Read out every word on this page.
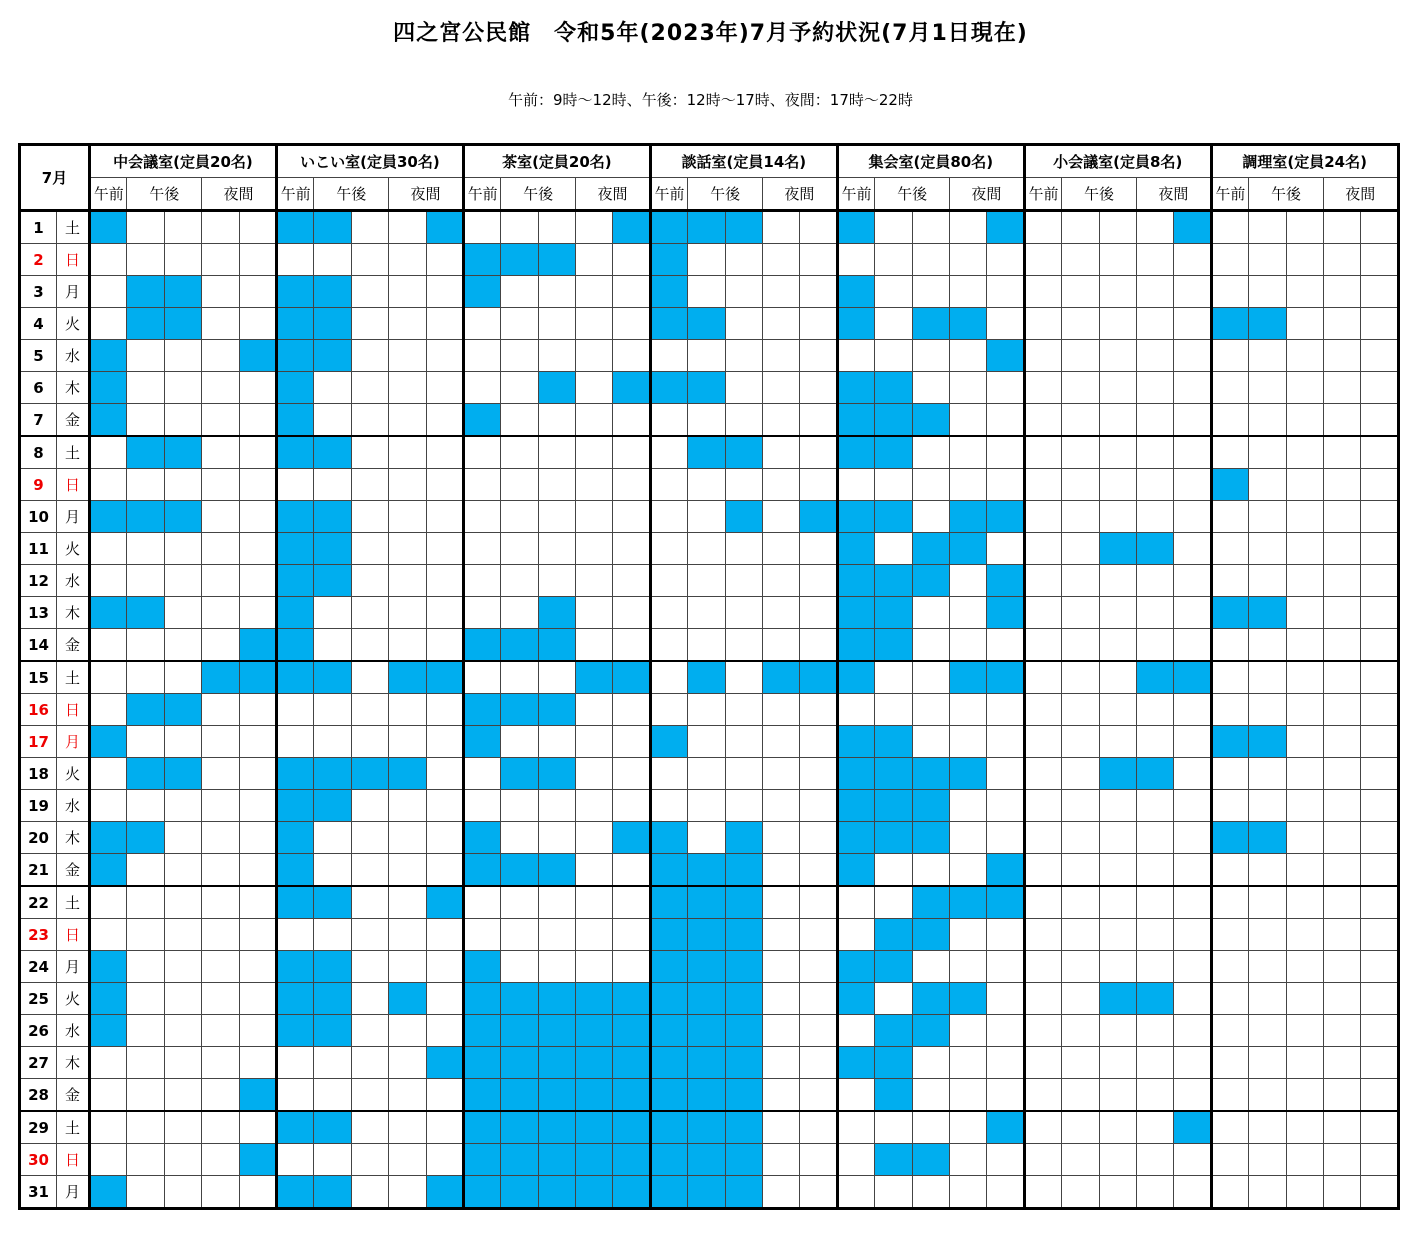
四之宮公民館　令和5年(2023年)7月予約状況(7月1日現在)
午前：9時～12時、午後：12時～17時、夜間：17時～22時
7月		中会議室(定員20名)					いこい室(定員30名)					茶室(定員20名)					談話室(定員14名)					集会室(定員80名)					小会議室(定員8名)					調理室(定員24名)				
		午前	午後		夜間		午前	午後		夜間		午前	午後		夜間		午前	午後		夜間		午前	午後		夜間		午前	午後		夜間		午前	午後		夜間	
1	土																																			
2	日																																			
3	月																																			
4	火																																			
5	水																																			
6	木																																			
7	金																																			
8	土																																			
9	日																																			
10	月																																			
11	火																																			
12	水																																			
13	木																																			
14	金																																			
15	土																																			
16	日																																			
17	月																																			
18	火																																			
19	水																																			
20	木																																			
21	金																																			
22	土																																			
23	日																																			
24	月																																			
25	火																																			
26	水																																			
27	木																																			
28	金																																			
29	土																																			
30	日																																			
31	月																																			
